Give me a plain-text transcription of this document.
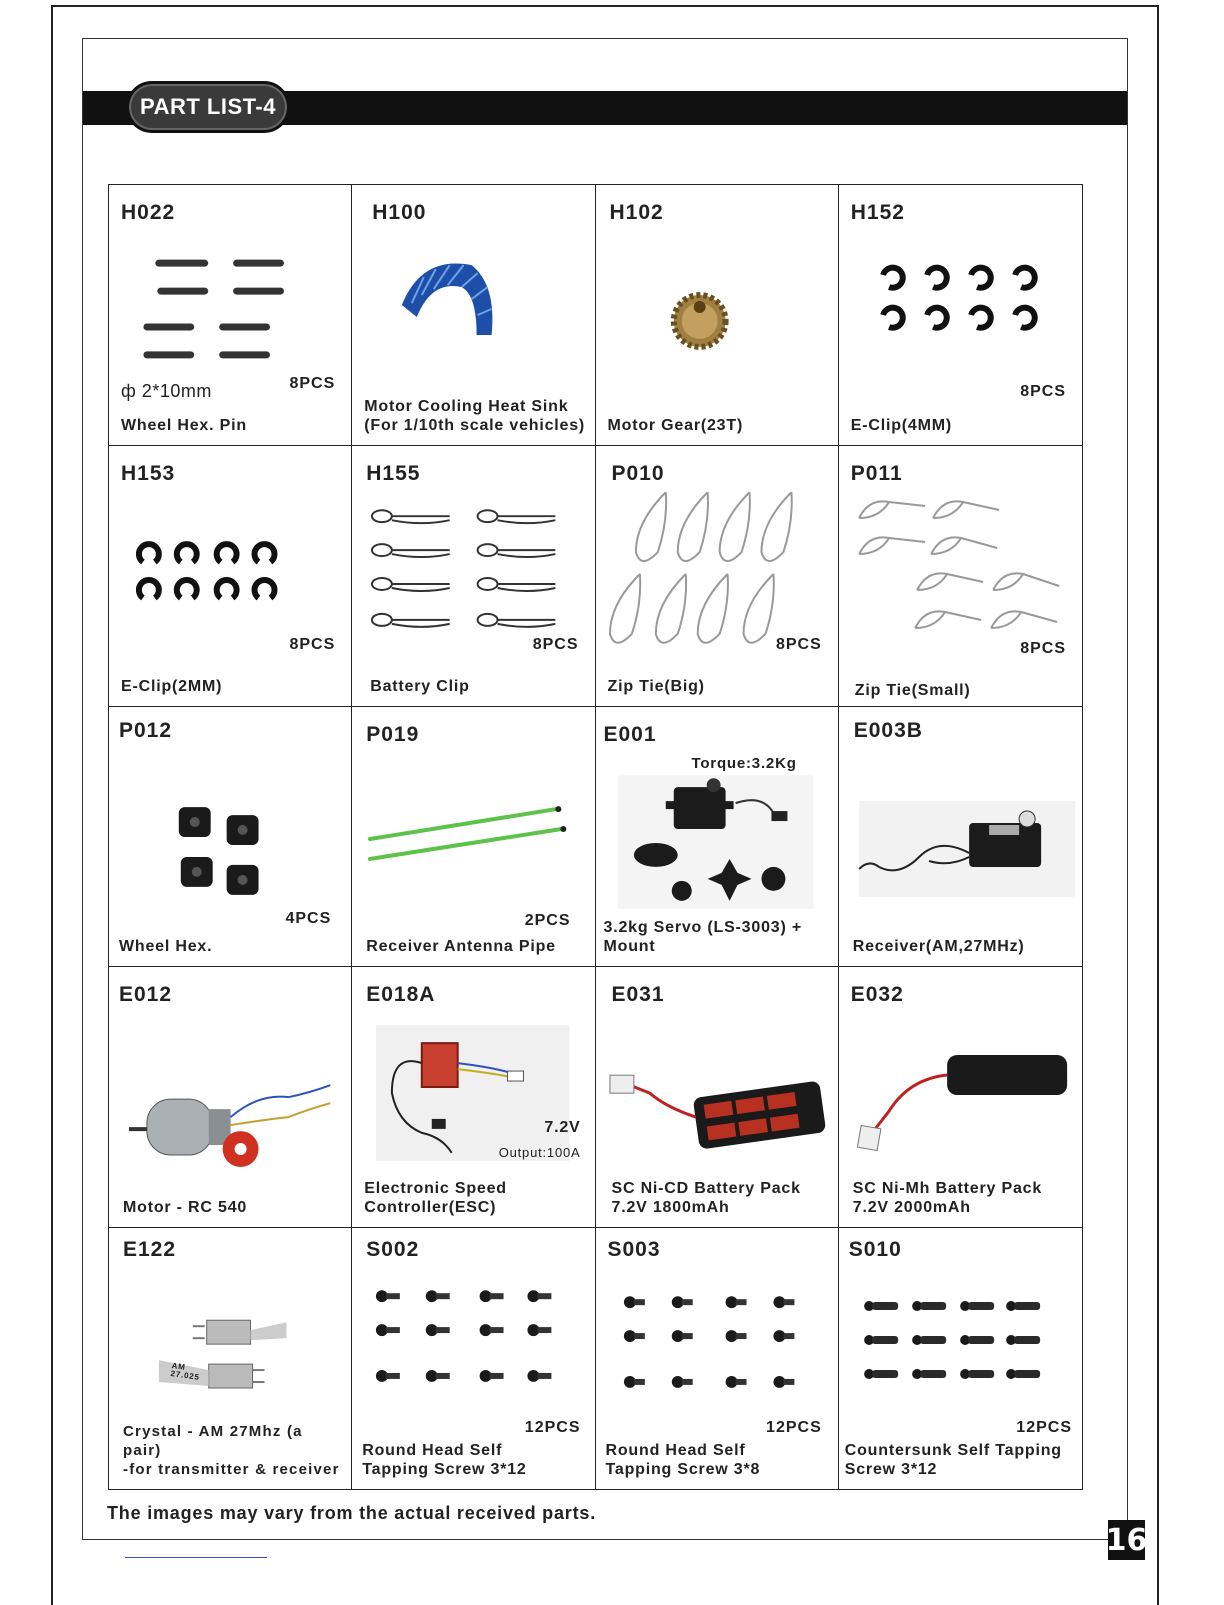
PART LIST-4
H022
ф 2*10mm	8PCS
Wheel Hex. Pin
H100
Motor Cooling Heat Sink
(For 1/10th scale vehicles)
H102
Motor Gear(23T)
H152
8PCS
E-Clip(4MM)
H153
8PCS
E-Clip(2MM)
H155
8PCS
Battery Clip
P010
8PCS
Zip Tie(Big)
P011
8PCS
Zip Tie(Small)
P012
4PCS
Wheel Hex.
P019
2PCS
Receiver Antenna Pipe
E001
Torque:3.2Kg
3.2kg Servo (LS-3003) +
Mount
E003B
Receiver(AM,27MHz)
E012
Motor - RC 540
E018A
7.2V
Output:100A
Electronic Speed
Controller(ESC)
E031
SC Ni-CD Battery Pack
7.2V 1800mAh
E032
SC Ni-Mh Battery Pack
7.2V 2000mAh
E122
AM
27.025
Crystal - AM 27Mhz (a pair)
-for transmitter & receiver
S002
12PCS
Round Head Self
Tapping Screw 3*12
S003
12PCS
Round Head Self
Tapping Screw 3*8
S010
12PCS
Countersunk Self Tapping
Screw 3*12
The images may vary from the actual received parts.
16
